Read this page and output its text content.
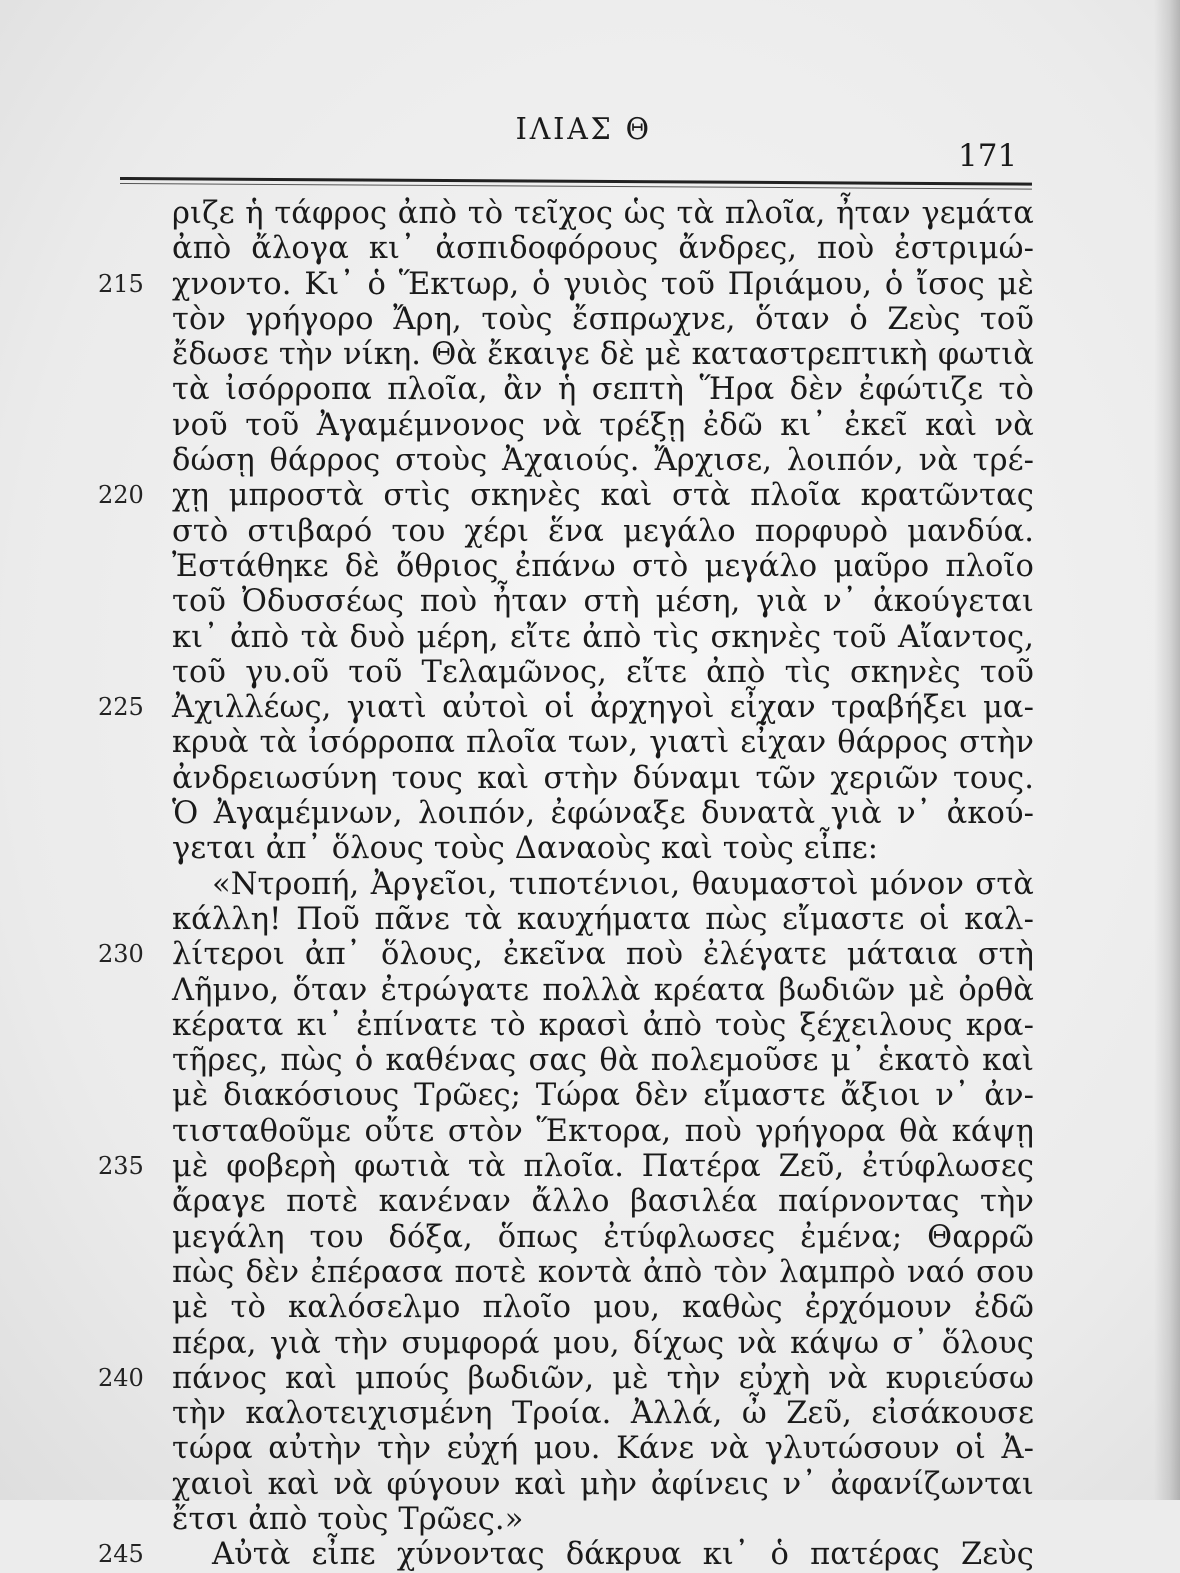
ΙΛΙΑΣ Θ
171
ριζε ἡ τάφρος ἀπὸ τὸ τεῖχος ὡς τὰ πλοῖα, ἦταν γεμάτα
ἀπὸ ἄλογα κι᾽ ἀσπιδοφόρους ἄνδρες, ποὺ ἐστριμώ-
χνοντο. Κι᾽ ὁ Ἕκτωρ, ὁ γυιὸς τοῦ Πριάμου, ὁ ἴσος μὲ
τὸν γρήγορο Ἄρη, τοὺς ἔσπρωχνε, ὅταν ὁ Ζεὺς τοῦ
ἔδωσε τὴν νίκη. Θὰ ἔκαιγε δὲ μὲ καταστρεπτικὴ φωτιὰ
τὰ ἰσόρροπα πλοῖα, ἂν ἡ σεπτὴ Ἥρα δὲν ἐφώτιζε τὸ
νοῦ τοῦ Ἀγαμέμνονος νὰ τρέξῃ ἐδῶ κι᾽ ἐκεῖ καὶ νὰ
δώσῃ θάρρος στοὺς Ἀχαιούς. Ἄρχισε, λοιπόν, νὰ τρέ-
χῃ μπροστὰ στὶς σκηνὲς καὶ στὰ πλοῖα κρατῶντας
στὸ στιβαρό του χέρι ἕνα μεγάλο πορφυρὸ μανδύα.
Ἐστάθηκε δὲ ὄθριος ἐπάνω στὸ μεγάλο μαῦρο πλοῖο
τοῦ Ὀδυσσέως ποὺ ἦταν στὴ μέση, γιὰ ν᾽ ἀκούγεται
κι᾽ ἀπὸ τὰ δυὸ μέρη, εἴτε ἀπὸ τὶς σκηνὲς τοῦ Αἴαντος,
τοῦ γυ.οῦ τοῦ Τελαμῶνος, εἴτε ἀπὸ τὶς σκηνὲς τοῦ
Ἀχιλλέως, γιατὶ αὐτοὶ οἱ ἀρχηγοὶ εἶχαν τραβήξει μα-
κρυὰ τὰ ἰσόρροπα πλοῖα των, γιατὶ εἶχαν θάρρος στὴν
ἀνδρειωσύνη τους καὶ στὴν δύναμι τῶν χεριῶν τους.
Ὁ Ἀγαμέμνων, λοιπόν, ἐφώναξε δυνατὰ γιὰ ν᾽ ἀκού-
γεται ἀπ᾽ ὅλους τοὺς Δαναοὺς καὶ τοὺς εἶπε:
«Ντροπή, Ἀργεῖοι, τιποτένιοι, θαυμαστοὶ μόνον στὰ
κάλλη! Ποῦ πᾶνε τὰ καυχήματα πὼς εἴμαστε οἱ καλ-
λίτεροι ἀπ᾽ ὅλους, ἐκεῖνα ποὺ ἐλέγατε μάταια στὴ
Λῆμνο, ὅταν ἐτρώγατε πολλὰ κρέατα βωδιῶν μὲ ὀρθὰ
κέρατα κι᾽ ἐπίνατε τὸ κρασὶ ἀπὸ τοὺς ξέχειλους κρα-
τῆρες, πὼς ὁ καθένας σας θὰ πολεμοῦσε μ᾽ ἑκατὸ καὶ
μὲ διακόσιους Τρῶες; Τώρα δὲν εἴμαστε ἄξιοι ν᾽ ἀν-
τισταθοῦμε οὔτε στὸν Ἕκτορα, ποὺ γρήγορα θὰ κάψῃ
μὲ φοβερὴ φωτιὰ τὰ πλοῖα. Πατέρα Ζεῦ, ἐτύφλωσες
ἄραγε ποτὲ κανέναν ἄλλο βασιλέα παίρνοντας τὴν
μεγάλη του δόξα, ὅπως ἐτύφλωσες ἐμένα; Θαρρῶ
πὼς δὲν ἐπέρασα ποτὲ κοντὰ ἀπὸ τὸν λαμπρὸ ναό σου
μὲ τὸ καλόσελμο πλοῖο μου, καθὼς ἐρχόμουν ἐδῶ
πέρα, γιὰ τὴν συμφορά μου, δίχως νὰ κάψω σ᾽ ὅλους
πάνος καὶ μπούς βωδιῶν, μὲ τὴν εὐχὴ νὰ κυριεύσω
τὴν καλοτειχισμένη Τροία. Ἀλλά, ὦ Ζεῦ, εἰσάκουσε
τώρα αὐτὴν τὴν εὐχή μου. Κάνε νὰ γλυτώσουν οἱ Ἀ-
χαιοὶ καὶ νὰ φύγουν καὶ μὴν ἀφίνεις ν᾽ ἀφανίζωνται
ἔτσι ἀπὸ τοὺς Τρῶες.»
Αὐτὰ εἶπε χύνοντας δάκρυα κι᾽ ὁ πατέρας Ζεὺς
215
220
225
230
235
240
245
